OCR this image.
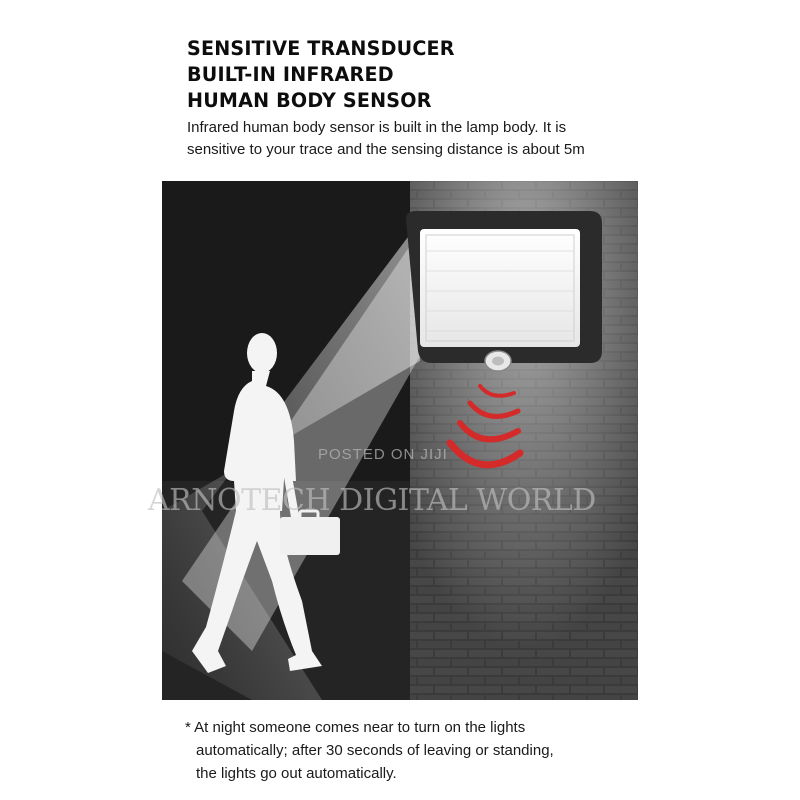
SENSITIVE TRANSDUCER
BUILT-IN INFRARED
HUMAN BODY SENSOR
Infrared human body sensor is built in the lamp body. It is
sensitive to your trace and the sensing distance is about 5m
POSTED ON JIJI
ARNOTECH DIGITAL WORLD
* At night someone comes near to turn on the lights
automatically; after 30 seconds of leaving or standing,
the lights go out automatically.
